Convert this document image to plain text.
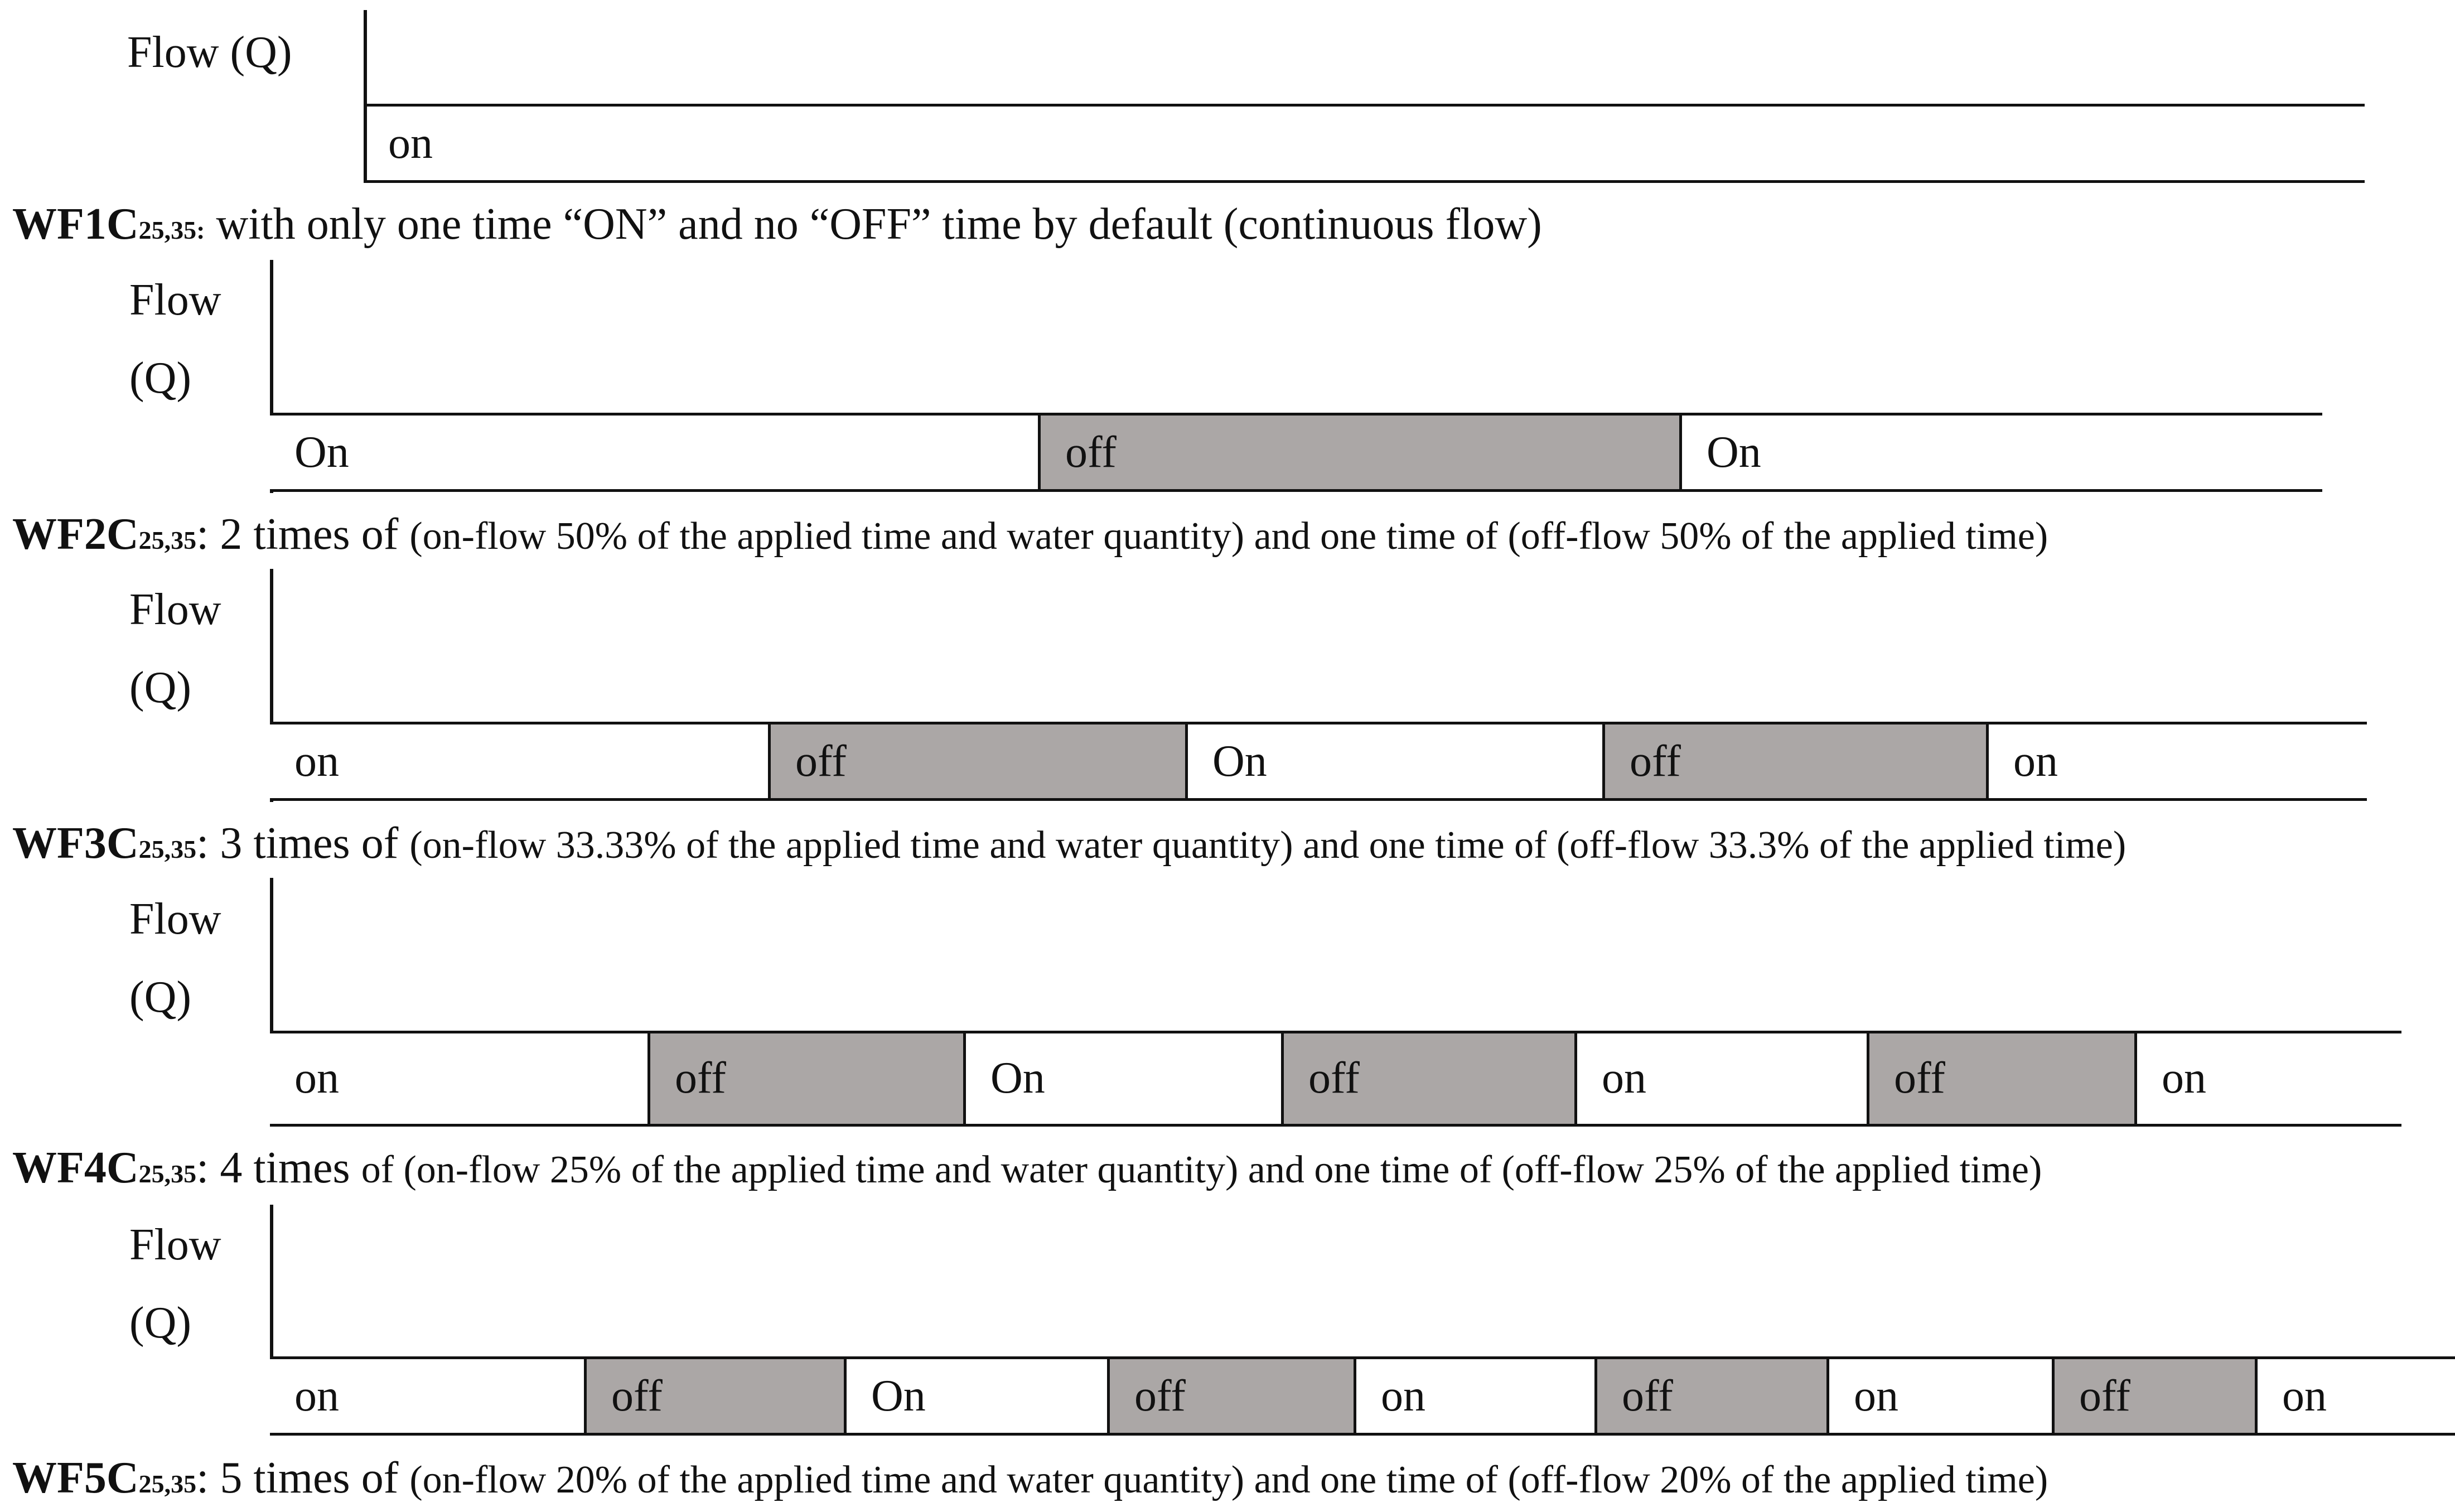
Flow (Q)
on
WF1C25,35: with only one time “ON” and no “OFF” time by default (continuous flow)
Flow
(Q)
On	off	On
WF2C25,35: 2 times of (on-flow 50% of the applied time and water quantity) and one time of (off-flow 50% of the applied time)
Flow
(Q)
on	off	On	off	on
WF3C25,35: 3 times of (on-flow 33.33% of the applied time and water quantity) and one time of (off-flow 33.3% of the applied time)
Flow
(Q)
on	off	On	off	on	off	on
WF4C25,35: 4 times of (on-flow 25% of the applied time and water quantity) and one time of (off-flow 25% of the applied time)
Flow
(Q)
on	off	On	off	on	off	on	off	on
WF5C25,35: 5 times of (on-flow 20% of the applied time and water quantity) and one time of (off-flow 20% of the applied time)
